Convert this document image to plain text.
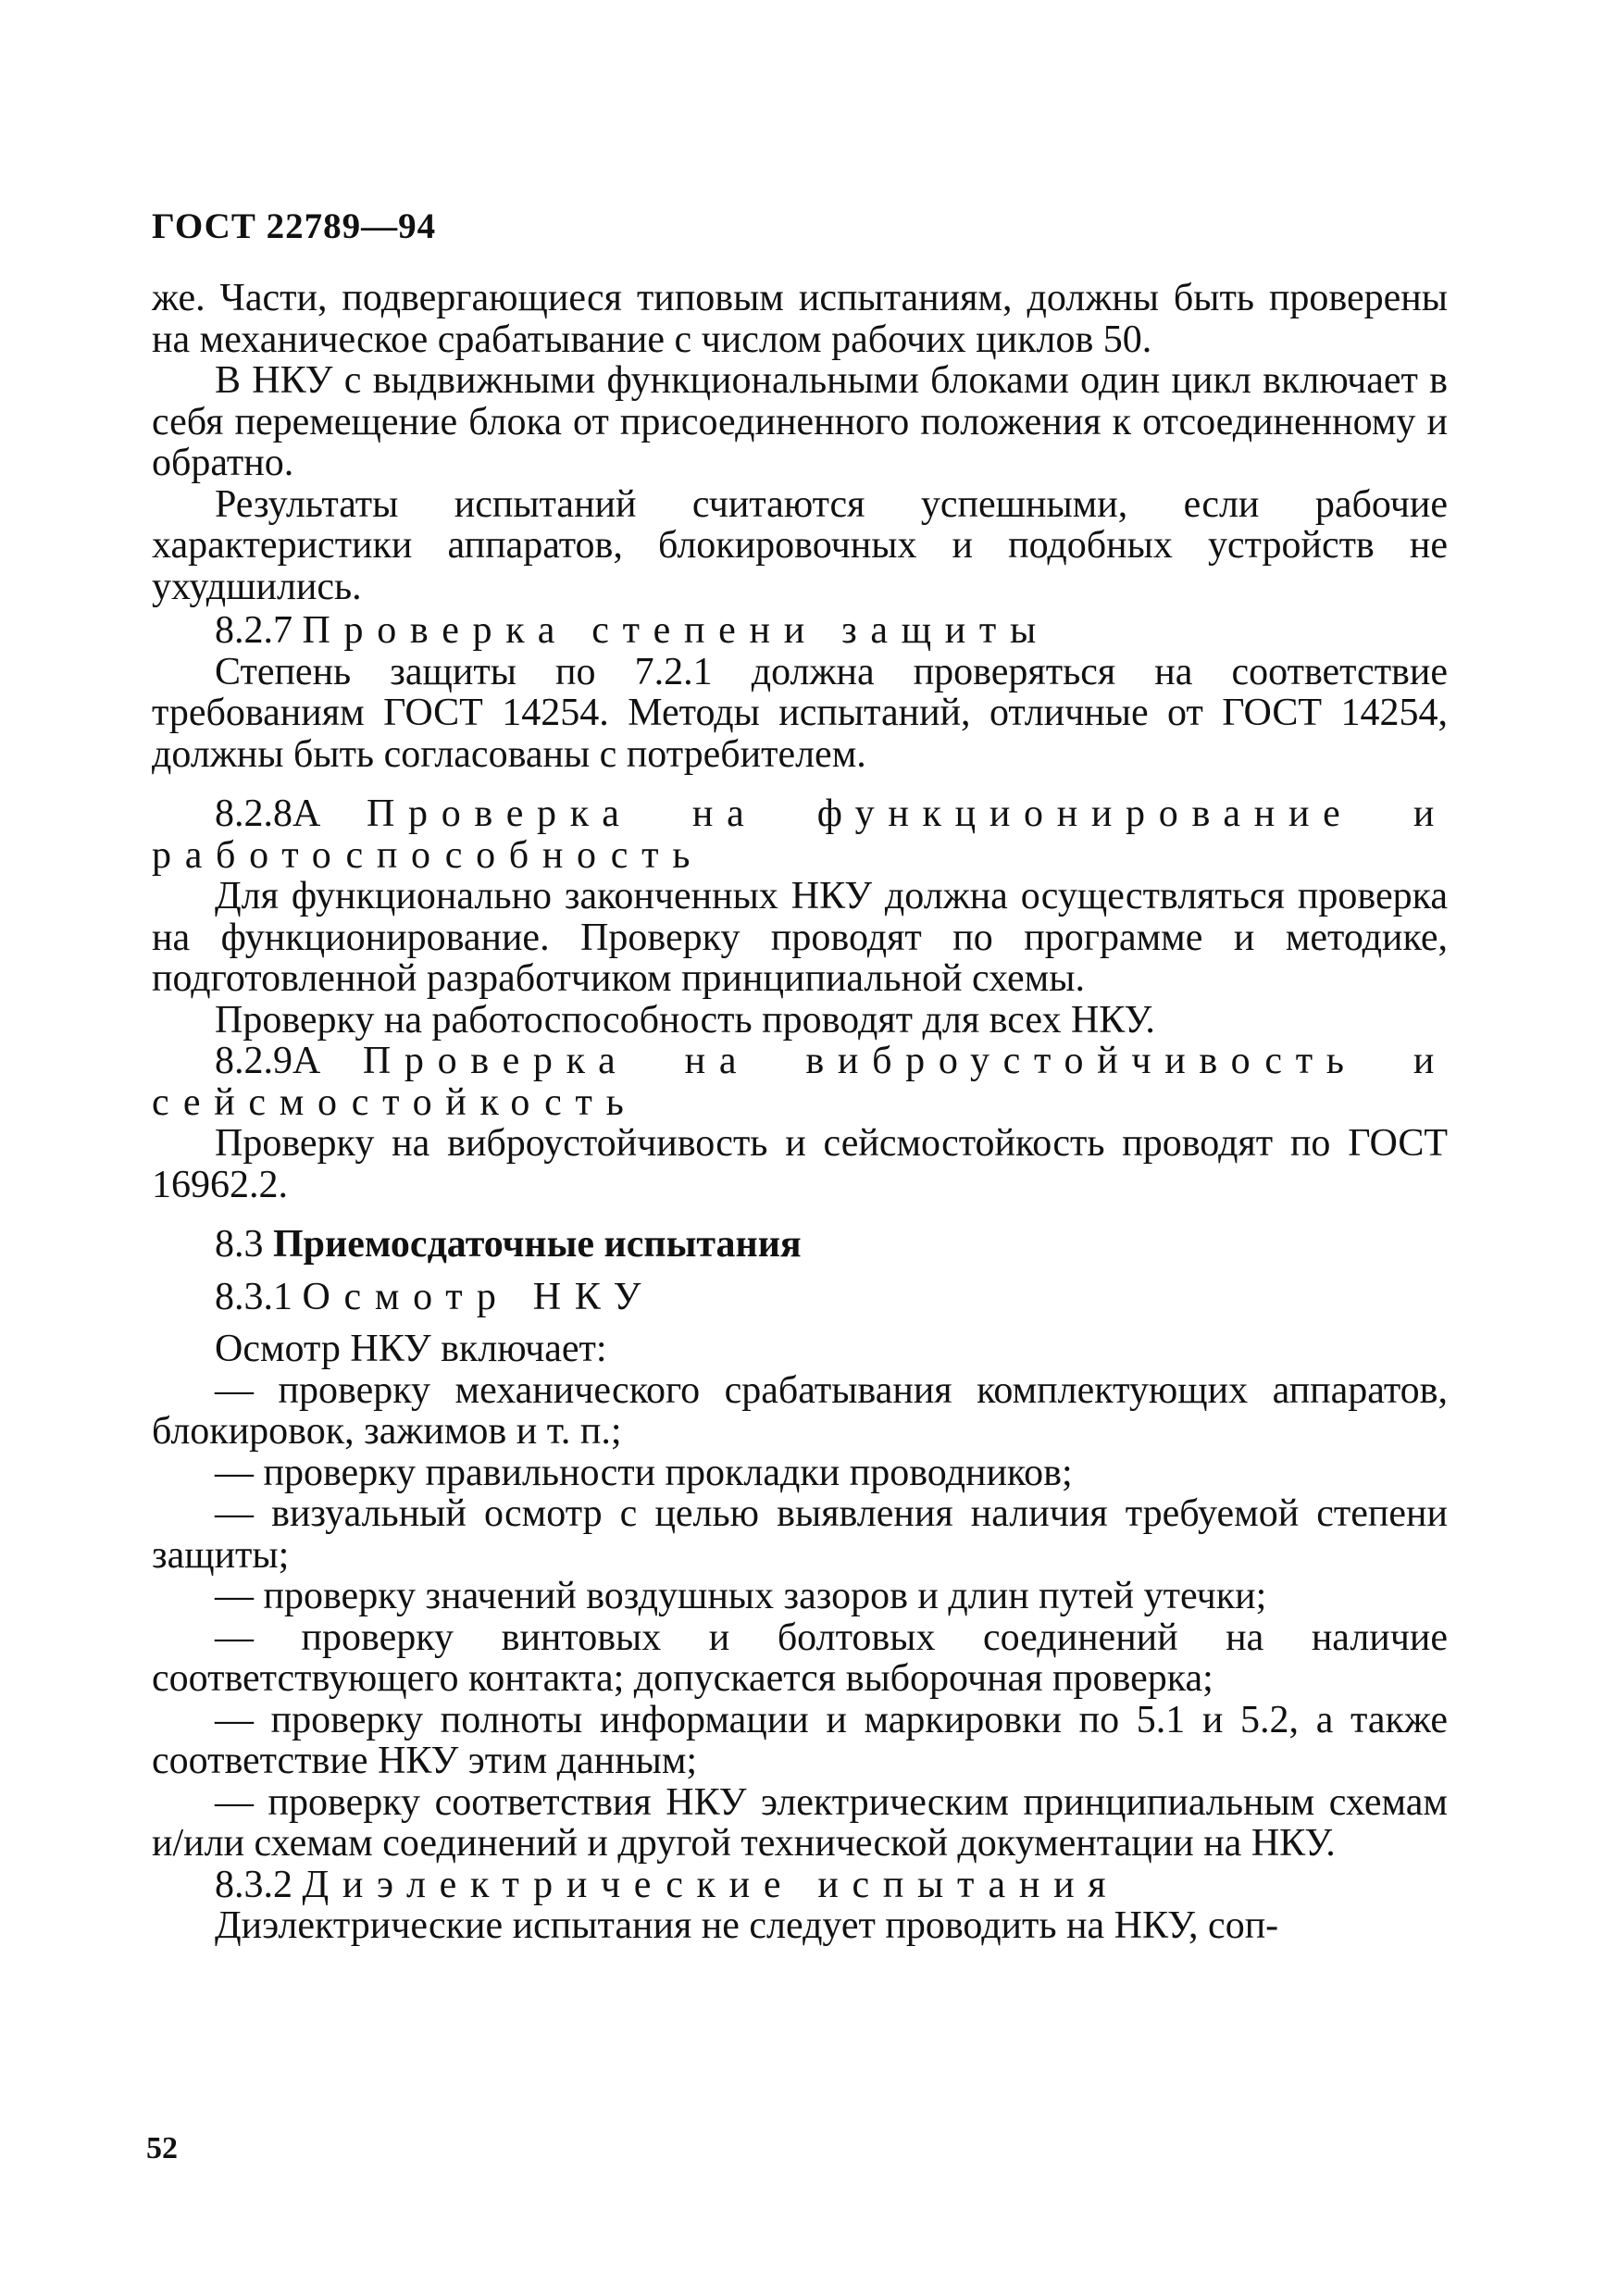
ГОСТ 22789—94

же. Части, подвергающиеся типовым испытаниям, должны быть проверены на механическое срабатывание с числом рабочих циклов 50.

В НКУ с выдвижными функциональными блоками один цикл включает в себя перемещение блока от присоединенного положения к отсоединенному и обратно.

Результаты испытаний считаются успешными, если рабочие характеристики аппаратов, блокировочных и подобных устройств не ухудшились.

8.2.7 Проверка степени защиты

Степень защиты по 7.2.1 должна проверяться на соответствие требованиям ГОСТ 14254. Методы испытаний, отличные от ГОСТ 14254, должны быть согласованы с потребителем.

8.2.8А Проверка на функционирование и работоспособность

Для функционально законченных НКУ должна осуществляться проверка на функционирование. Проверку проводят по программе и методике, подготовленной разработчиком принципиальной схемы.

Проверку на работоспособность проводят для всех НКУ.

8.2.9А Проверка на виброустойчивость и сейсмостойкость

Проверку на виброустойчивость и сейсмостойкость проводят по ГОСТ 16962.2.

8.3 Приемосдаточные испытания

8.3.1 Осмотр НКУ

Осмотр НКУ включает:

— проверку механического срабатывания комплектующих аппаратов, блокировок, зажимов и т. п.;

— проверку правильности прокладки проводников;

— визуальный осмотр с целью выявления наличия требуемой степени защиты;

— проверку значений воздушных зазоров и длин путей утечки;

— проверку винтовых и болтовых соединений на наличие соответствующего контакта; допускается выборочная проверка;

— проверку полноты информации и маркировки по 5.1 и 5.2, а также соответствие НКУ этим данным;

— проверку соответствия НКУ электрическим принципиальным схемам и/или схемам соединений и другой технической документации на НКУ.

8.3.2 Диэлектрические испытания

Диэлектрические испытания не следует проводить на НКУ, соп-

52
